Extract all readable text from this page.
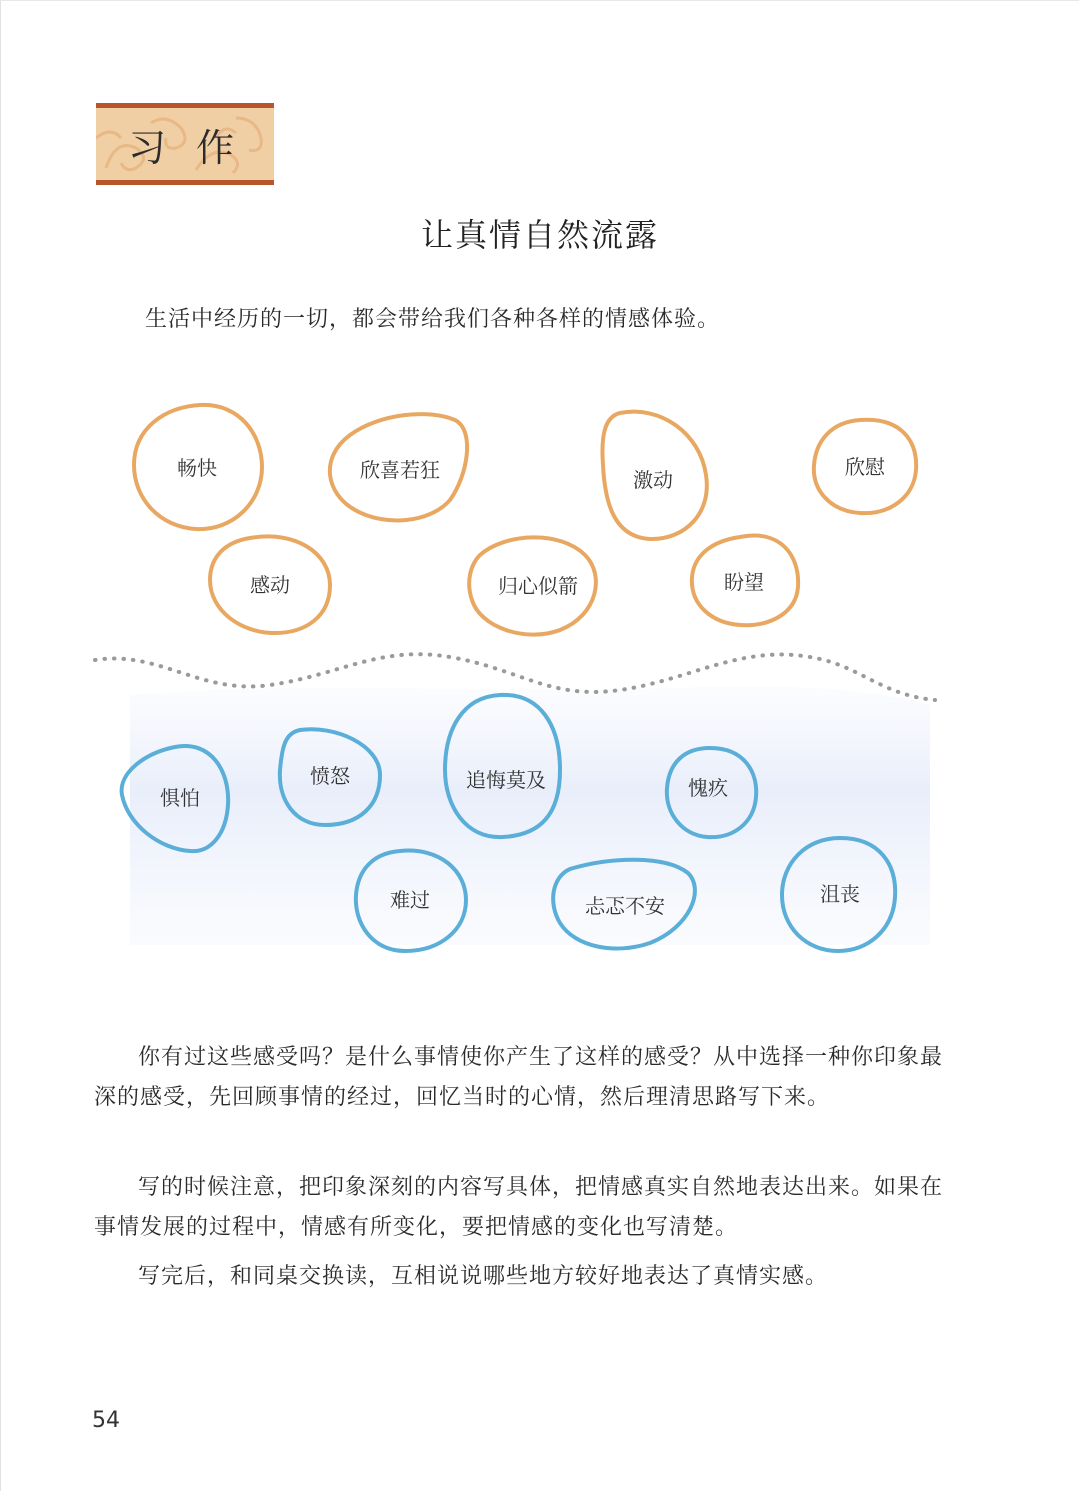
习作
让真情自然流露
生活中经历的一切，都会带给我们各种各样的情感体验。
畅快	欣喜若狂	激动
欣慰
感动	归心似箭	盼望
惧怕
愤怒	追悔莫及	愧疚
难过	忐忑不安	沮丧

你有过这些感受吗？是什么事情使你产生了这样的感受？从中选择一种你印象最深的感受，先回顾事情的经过，回忆当时的心情，然后理清思路写下来。

写的时候注意，把印象深刻的内容写具体，把情感真实自然地表达出来。如果在事情发展的过程中，情感有所变化，要把情感的变化也写清楚。

写完后，和同桌交换读，互相说说哪些地方较好地表达了真情实感。

54
